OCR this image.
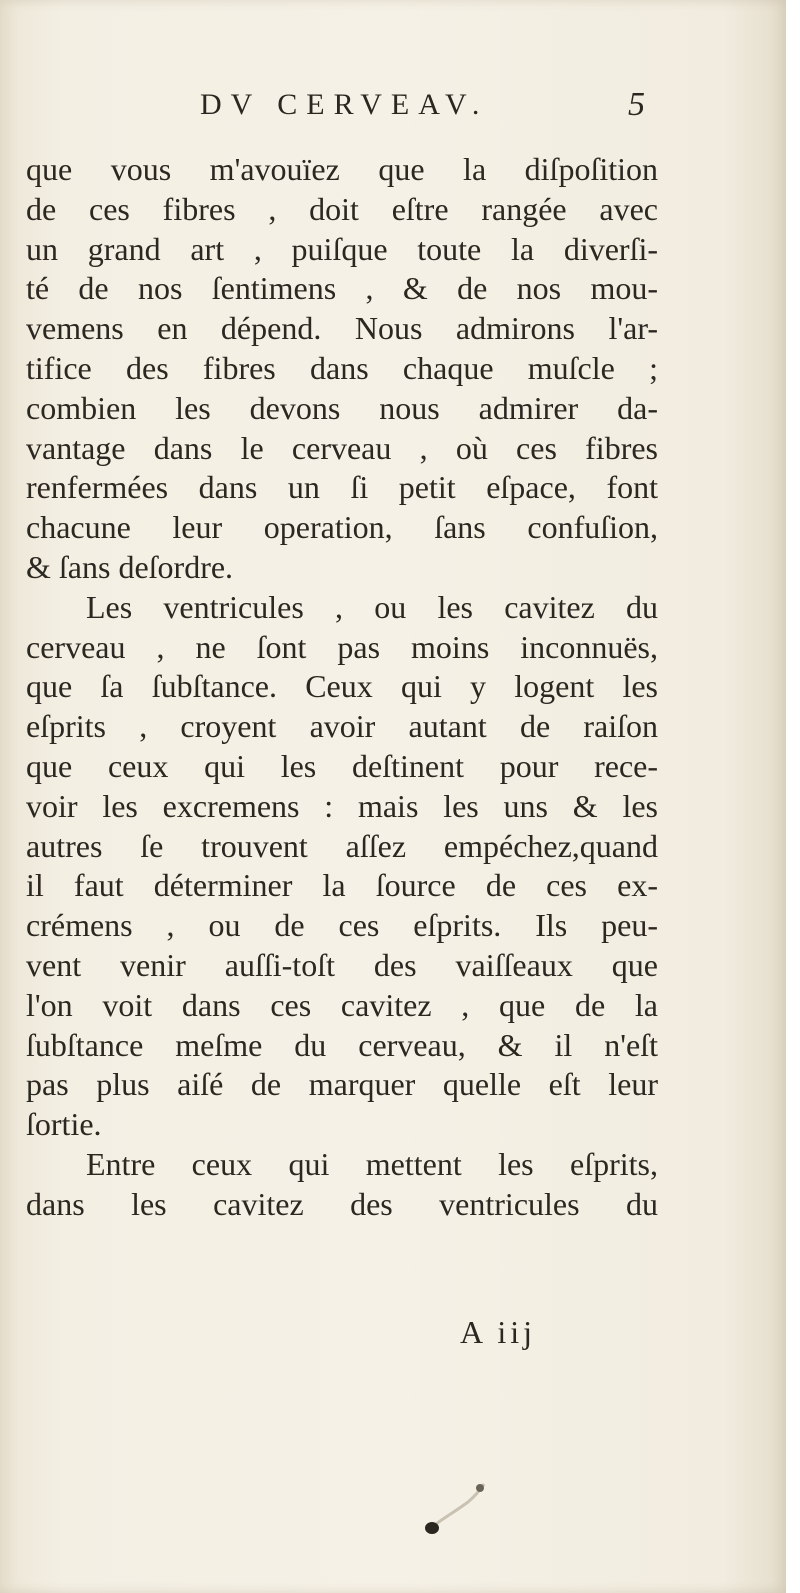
DV CERVEAV.	5
que vous m'avouïez que la diſpoſition
de ces fibres , doit eſtre rangée avec
un grand art , puiſque toute la diverſi-
té de nos ſentimens , & de nos mou-
vemens en dépend. Nous admirons l'ar-
tifice des fibres dans chaque muſcle ;
combien les devons nous admirer da-
vantage dans le cerveau , où ces fibres
renfermées dans un ſi petit eſpace, font
chacune leur operation, ſans confuſion,
& ſans deſordre.
Les ventricules , ou les cavitez du
cerveau , ne ſont pas moins inconnuës,
que ſa ſubſtance. Ceux qui y logent les
eſprits , croyent avoir autant de raiſon
que ceux qui les deſtinent pour rece-
voir les excremens : mais les uns & les
autres ſe trouvent aſſez empéchez,quand
il faut déterminer la ſource de ces ex-
crémens , ou de ces eſprits. Ils peu-
vent venir auſſi-toſt des vaiſſeaux que
l'on voit dans ces cavitez , que de la
ſubſtance meſme du cerveau, & il n'eſt
pas plus aiſé de marquer quelle eſt leur
ſortie.
Entre ceux qui mettent les eſprits,
dans les cavitez des ventricules du
A iij
